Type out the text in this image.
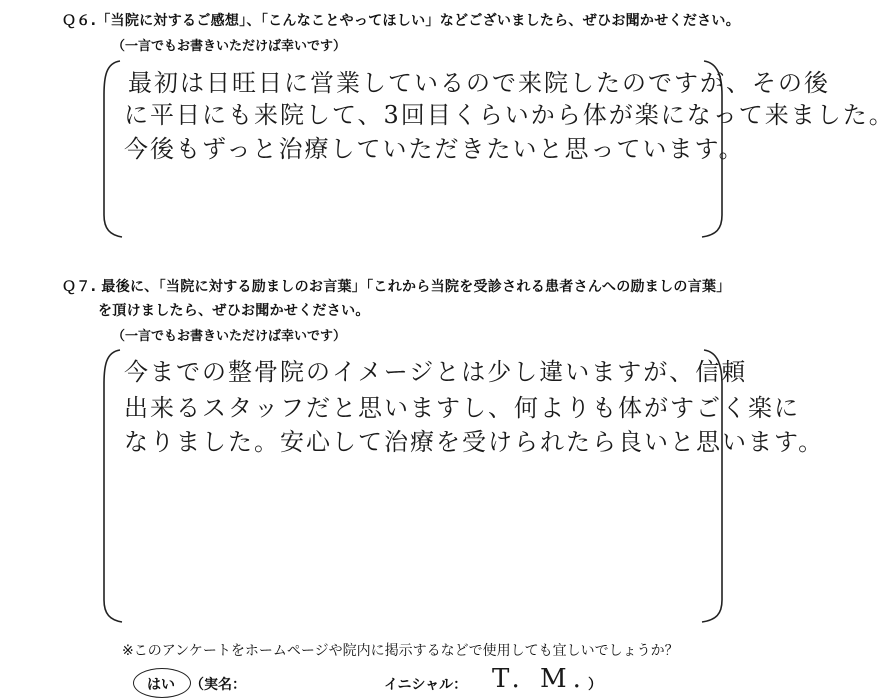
Ｑ６.「当院に対するご感想」、「こんなことやってほしい」などございましたら、ぜひお聞かせください。
（一言でもお書きいただけば幸いです）
最初は日旺日に営業しているので来院したのですが、その後
に平日にも来院して、3回目くらいから体が楽になって来ました。
今後もずっと治療していただきたいと思っています。
Ｑ７. 最後に、「当院に対する励ましのお言葉」「これから当院を受診される患者さんへの励ましの言葉」
を頂けましたら、ぜひお聞かせください。
（一言でもお書きいただけば幸いです）
今までの整骨院のイメージとは少し違いますが、信頼
出来るスタッフだと思いますし、何よりも体がすごく楽に
なりました。安心して治療を受けられたら良いと思います。
※このアンケートをホームページや院内に掲示するなどで使用しても宜しいでしょうか？
はい （実名：	イニシャル： T. M. ）
